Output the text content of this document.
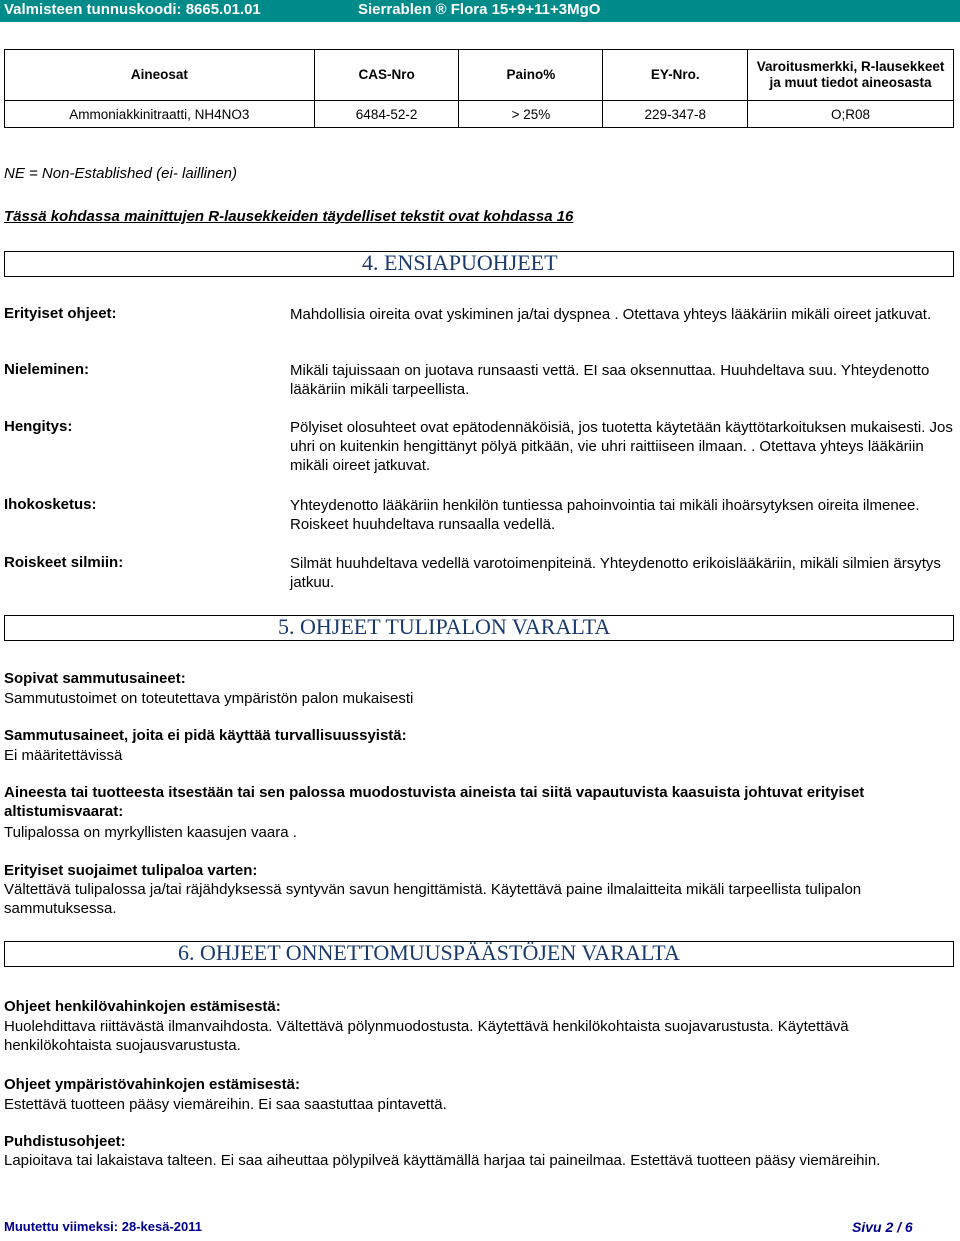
Valmisteen tunnuskoodi: 8665.01.01	Sierrablen ® Flora 15+9+11+3MgO
Aineosat	CAS-Nro	Paino%	EY-Nro.	Varoitusmerkki, R-lausekkeet ja muut tiedot aineosasta
Ammoniakkinitraatti, NH4NO3	6484-52-2	> 25%	229-347-8	O;R08
NE = Non-Established (ei- laillinen)
Tässä kohdassa mainittujen R-lausekkeiden täydelliset tekstit ovat kohdassa 16
4. ENSIAPUOHJEET
Erityiset ohjeet:	Mahdollisia oireita ovat yskiminen ja/tai dyspnea . Otettava yhteys lääkäriin mikäli oireet jatkuvat.
Nieleminen:	Mikäli tajuissaan on juotava runsaasti vettä. EI saa oksennuttaa. Huuhdeltava suu. Yhteydenotto lääkäriin mikäli tarpeellista.
Hengitys:	Pölyiset olosuhteet ovat epätodennäköisiä, jos tuotetta käytetään käyttötarkoituksen mukaisesti. Jos uhri on kuitenkin hengittänyt pölyä pitkään, vie uhri raittiiseen ilmaan. . Otettava yhteys lääkäriin mikäli oireet jatkuvat.
Ihokosketus:	Yhteydenotto lääkäriin henkilön tuntiessa pahoinvointia tai mikäli ihoärsytyksen oireita ilmenee. Roiskeet huuhdeltava runsaalla vedellä.
Roiskeet silmiin:	Silmät huuhdeltava vedellä varotoimenpiteinä. Yhteydenotto erikoislääkäriin, mikäli silmien ärsytys jatkuu.
5. OHJEET TULIPALON VARALTA
Sopivat sammutusaineet:
Sammutustoimet on toteutettava ympäristön palon mukaisesti
Sammutusaineet, joita ei pidä käyttää turvallisuussyistä:
Ei määritettävissä
Aineesta tai tuotteesta itsestään tai sen palossa muodostuvista aineista tai siitä vapautuvista kaasuista johtuvat erityiset altistumisvaarat:
Tulipalossa on myrkyllisten kaasujen vaara .
Erityiset suojaimet tulipaloa varten:
Vältettävä tulipalossa ja/tai räjähdyksessä syntyvän savun hengittämistä. Käytettävä paine ilmalaitteita mikäli tarpeellista tulipalon sammutuksessa.
6. OHJEET ONNETTOMUUSPÄÄSTÖJEN VARALTA
Ohjeet henkilövahinkojen estämisestä:
Huolehdittava riittävästä ilmanvaihdosta. Vältettävä pölynmuodostusta. Käytettävä henkilökohtaista suojavarustusta. Käytettävä henkilökohtaista suojausvarustusta.
Ohjeet ympäristövahinkojen estämisestä:
Estettävä tuotteen pääsy viemäreihin. Ei saa saastuttaa pintavettä.
Puhdistusohjeet:
Lapioitava tai lakaistava talteen. Ei saa aiheuttaa pölypilveä käyttämällä harjaa tai paineilmaa. Estettävä tuotteen pääsy viemäreihin.
Muutettu viimeksi: 28-kesä-2011	Sivu 2 / 6
